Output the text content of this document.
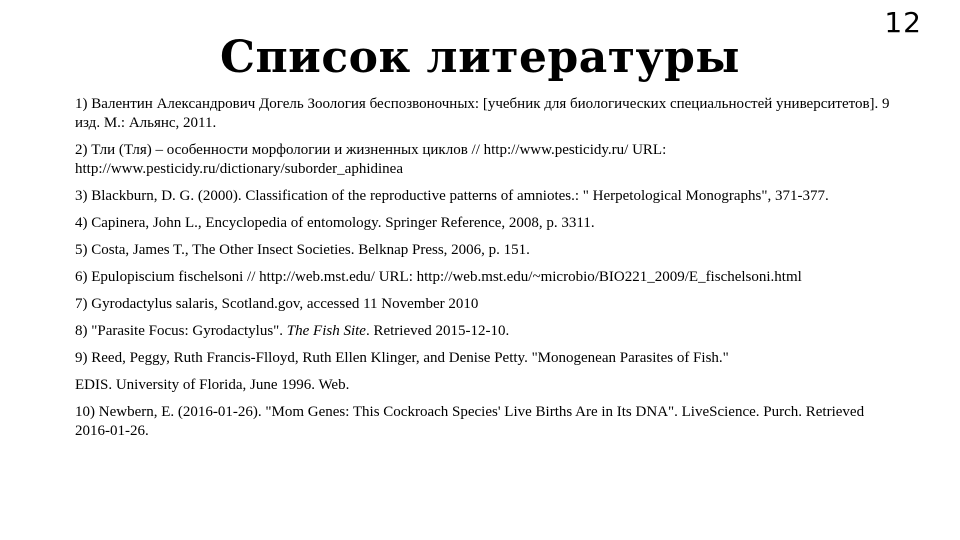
12
Список литературы
1) Валентин Александрович Догель Зоология беспозвоночных: [учебник для биологических специальностей университетов]. 9 изд. М.: Альянс, 2011.
2) Тли (Тля) – особенности морфологии и жизненных циклов // http://www.pesticidy.ru/ URL: http://www.pesticidy.ru/dictionary/suborder_aphidinea
3) Blackburn, D. G. (2000). Classification of the reproductive patterns of amniotes.: " Herpetological Monographs", 371-377.
4) Capinera, John L., Encyclopedia of entomology. Springer Reference, 2008, p. 3311.
5) Costa, James T., The Other Insect Societies. Belknap Press, 2006, p. 151.
6) Epulopiscium fischelsoni // http://web.mst.edu/ URL: http://web.mst.edu/~microbio/BIO221_2009/E_fischelsoni.html
7) Gyrodactylus salaris, Scotland.gov, accessed 11 November 2010
8) "Parasite Focus: Gyrodactylus". The Fish Site. Retrieved 2015-12-10.
9) Reed, Peggy, Ruth Francis-Flloyd, Ruth Ellen Klinger, and Denise Petty. "Monogenean Parasites of Fish."
EDIS. University of Florida, June 1996. Web.
10) Newbern, E. (2016-01-26). "Mom Genes: This Cockroach Species' Live Births Are in Its DNA". LiveScience. Purch. Retrieved 2016-01-26.
